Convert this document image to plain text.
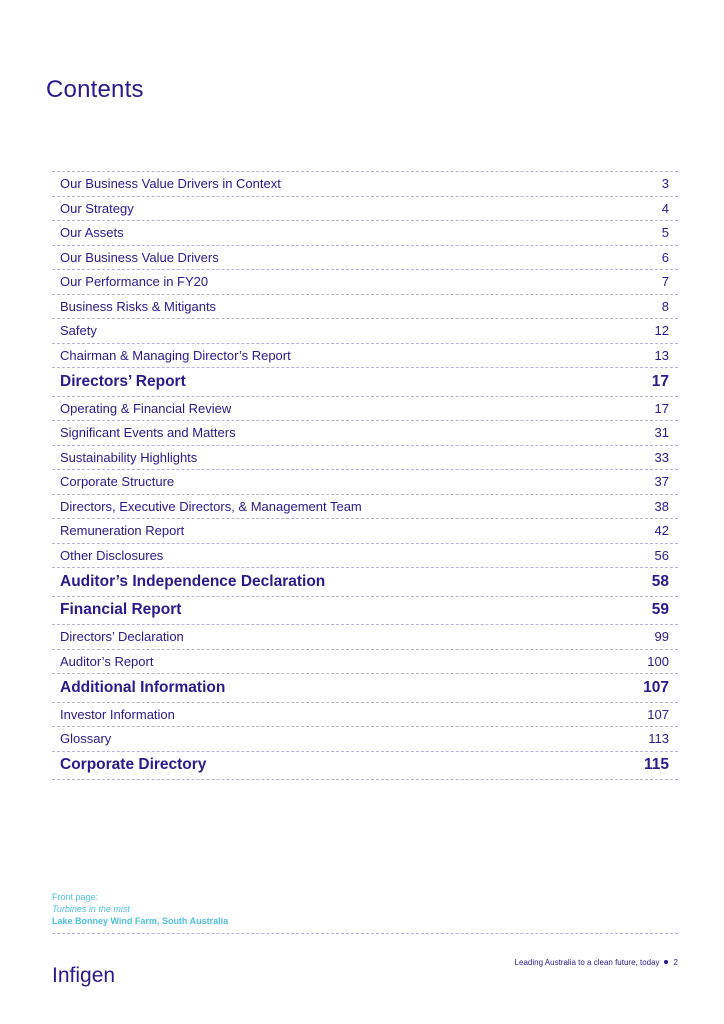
Contents
Our Business Value Drivers in Context	3
Our Strategy	4
Our Assets	5
Our Business Value Drivers	6
Our Performance in FY20	7
Business Risks & Mitigants	8
Safety	12
Chairman & Managing Director’s Report	13
Directors’ Report	17
Operating & Financial Review	17
Significant Events and Matters	31
Sustainability Highlights	33
Corporate Structure	37
Directors, Executive Directors, & Management Team	38
Remuneration Report	42
Other Disclosures	56
Auditor’s Independence Declaration	58
Financial Report	59
Directors’ Declaration	99
Auditor’s Report	100
Additional Information	107
Investor Information	107
Glossary	113
Corporate Directory	115
Front page:
Turbines in the mist
Lake Bonney Wind Farm, South Australia
Infigen
Leading Australia to a clean future, today 2
